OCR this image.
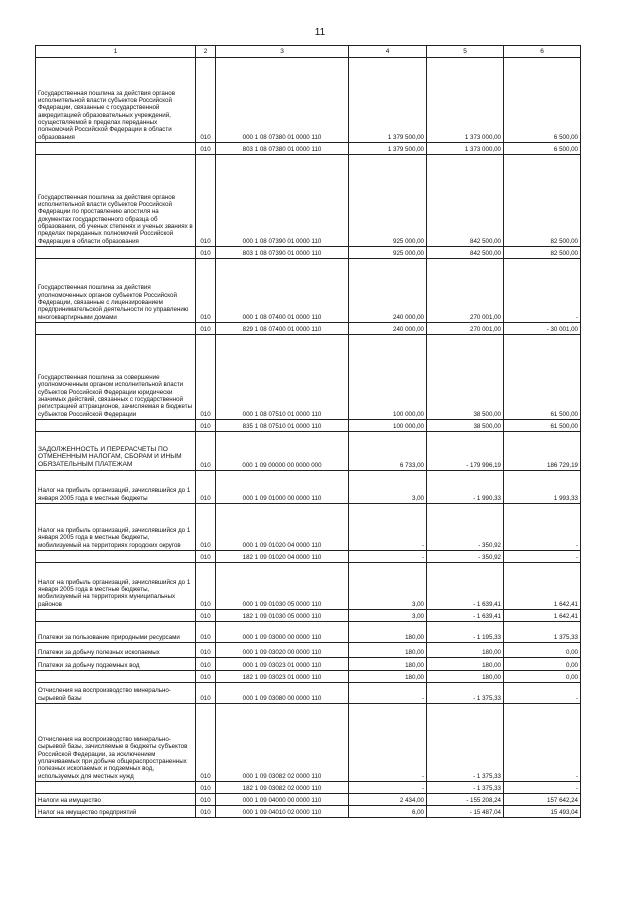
11
1	2	3	4	5	6
Государственная пошлина за действия органов исполнительной власти субъектов Российской Федерации, связанные с государственной аккредитацией образовательных учреждений, осуществляемой в пределах переданных полномочий Российской Федерации в области образования	010	000 1 08 07380 01 0000 110	1 379 500,00	1 373 000,00	6 500,00
	010	803 1 08 07380 01 0000 110	1 379 500,00	1 373 000,00	6 500,00
Государственная пошлина за действия органов исполнительной власти субъектов Российской Федерации по проставлению апостиля на документах государственного образца об образовании, об ученых степенях и ученых званиях в пределах переданных полномочий Российской Федерации в области образования	010	000 1 08 07390 01 0000 110	925 000,00	842 500,00	82 500,00
	010	803 1 08 07390 01 0000 110	925 000,00	842 500,00	82 500,00
Государственная пошлина за действия уполномоченных органов субъектов Российской Федерации, связанные с лицензированием предпринимательской деятельности по управлению многоквартирными домами	010	000 1 08 07400 01 0000 110	240 000,00	270 001,00	-
	010	829 1 08 07400 01 0000 110	240 000,00	270 001,00	- 30 001,00
Государственная пошлина за совершение уполномоченным органом исполнительной власти субъектов Российской Федерации юридически значимых действий, связанных с государственной регистрацией аттракционов, зачисляемая в бюджеты субъектов Российской Федерации	010	000 1 08 07510 01 0000 110	100 000,00	38 500,00	61 500,00
	010	835 1 08 07510 01 0000 110	100 000,00	38 500,00	61 500,00
ЗАДОЛЖЕННОСТЬ И ПЕРЕРАСЧЕТЫ ПО ОТМЕНЕННЫМ НАЛОГАМ, СБОРАМ И ИНЫМ ОБЯЗАТЕЛЬНЫМ ПЛАТЕЖАМ	010	000 1 09 00000 00 0000 000	6 733,00	- 179 996,19	186 729,19
Налог на прибыль организаций, зачислявшийся до 1 января 2005 года в местные бюджеты	010	000 1 09 01000 00 0000 110	3,00	- 1 990,33	1 993,33
Налог на прибыль организаций, зачислявшийся до 1 января 2005 года в местные бюджеты, мобилизуемый на территориях городских округов	010	000 1 09 01020 04 0000 110	-	- 350,92	-
	010	182 1 09 01020 04 0000 110	-	- 350,92	-
Налог на прибыль организаций, зачислявшийся до 1 января 2005 года в местные бюджеты, мобилизуемый на территориях муниципальных районов	010	000 1 09 01030 05 0000 110	3,00	- 1 639,41	1 642,41
	010	182 1 09 01030 05 0000 110	3,00	- 1 639,41	1 642,41
Платежи за пользование природными ресурсами	010	000 1 09 03000 00 0000 110	180,00	- 1 195,33	1 375,33
Платежи за добычу полезных ископаемых	010	000 1 09 03020 00 0000 110	180,00	180,00	0,00
Платежи за добычу подземных вод	010	000 1 09 03023 01 0000 110	180,00	180,00	0,00
	010	182 1 09 03023 01 0000 110	180,00	180,00	0,00
Отчисления на воспроизводство минерально-сырьевой базы	010	000 1 09 03080 00 0000 110	-	- 1 375,33	-
Отчисления на воспроизводство минерально-сырьевой базы, зачисляемые в бюджеты субъектов Российской Федерации, за исключением уплачиваемых при добыче общераспространенных полезных ископаемых и подземных вод, используемых для местных нужд	010	000 1 09 03082 02 0000 110	-	- 1 375,33	-
	010	182 1 09 03082 02 0000 110	-	- 1 375,33	-
Налоги на имущество	010	000 1 09 04000 00 0000 110	2 434,00	- 155 208,24	157 642,24
Налог на имущество предприятий	010	000 1 09 04010 02 0000 110	6,00	- 15 487,04	15 493,04
